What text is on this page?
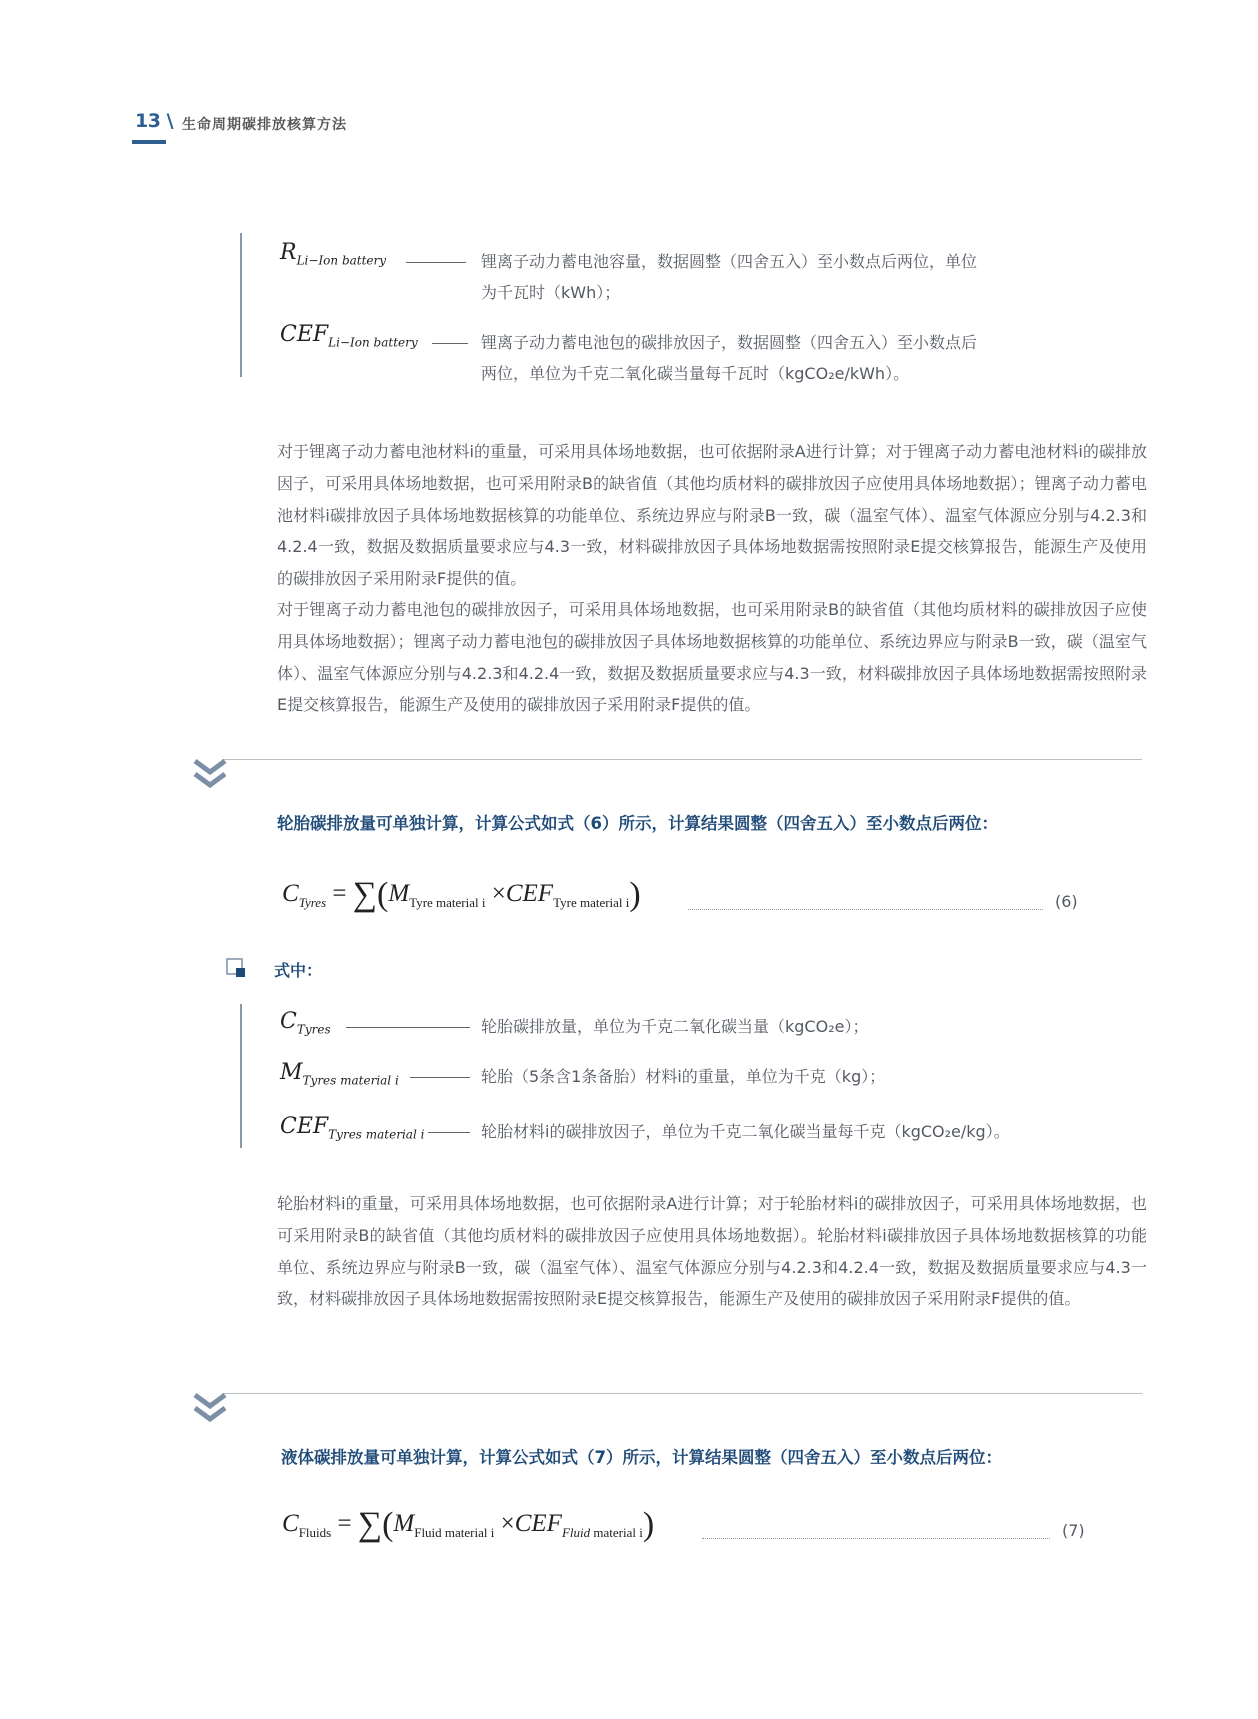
13 \ 生命周期碳排放核算方法
$R_{Li-Ion battery}$	锂离子动力蓄电池容量，数据圆整（四舍五入）至小数点后两位，单位
为千瓦时（kWh）；
$CEF_{Li-Ion battery}$	锂离子动力蓄电池包的碳排放因子，数据圆整（四舍五入）至小数点后
两位，单位为千克二氧化碳当量每千瓦时（kgCO₂e/kWh）。
对于锂离子动力蓄电池材料i的重量，可采用具体场地数据，也可依据附录A进行计算；对于锂离子动力蓄电池材料i的碳排放因子，可采用具体场地数据，也可采用附录B的缺省值（其他均质材料的碳排放因子应使用具体场地数据）；锂离子动力蓄电池材料i碳排放因子具体场地数据核算的功能单位、系统边界应与附录B一致，碳（温室气体）、温室气体源应分别与4.2.3和4.2.4一致，数据及数据质量要求应与4.3一致，材料碳排放因子具体场地数据需按照附录E提交核算报告，能源生产及使用的碳排放因子采用附录F提供的值。
对于锂离子动力蓄电池包的碳排放因子，可采用具体场地数据，也可采用附录B的缺省值（其他均质材料的碳排放因子应使用具体场地数据）；锂离子动力蓄电池包的碳排放因子具体场地数据核算的功能单位、系统边界应与附录B一致，碳（温室气体）、温室气体源应分别与4.2.3和4.2.4一致，数据及数据质量要求应与4.3一致，材料碳排放因子具体场地数据需按照附录E提交核算报告，能源生产及使用的碳排放因子采用附录F提供的值。
轮胎碳排放量可单独计算，计算公式如式（6）所示，计算结果圆整（四舍五入）至小数点后两位：
$C_{Tyres} = \sum(M_{Tyre material i} \times CEF_{Tyre material i})$	(6)
式中：
$C_{Tyres}$	轮胎碳排放量，单位为千克二氧化碳当量（kgCO₂e）；
$M_{Tyres material i}$	轮胎（5条含1条备胎）材料i的重量，单位为千克（kg）；
$CEF_{Tyres material i}$	轮胎材料i的碳排放因子，单位为千克二氧化碳当量每千克（kgCO₂e/kg）。
轮胎材料i的重量，可采用具体场地数据，也可依据附录A进行计算；对于轮胎材料i的碳排放因子，可采用具体场地数据，也可采用附录B的缺省值（其他均质材料的碳排放因子应使用具体场地数据）。轮胎材料i碳排放因子具体场地数据核算的功能单位、系统边界应与附录B一致，碳（温室气体）、温室气体源应分别与4.2.3和4.2.4一致，数据及数据质量要求应与4.3一致，材料碳排放因子具体场地数据需按照附录E提交核算报告，能源生产及使用的碳排放因子采用附录F提供的值。
液体碳排放量可单独计算，计算公式如式（7）所示，计算结果圆整（四舍五入）至小数点后两位：
$C_{Fluids} = \sum(M_{Fluid material i} \times CEF_{Fluid material i})$	(7)
